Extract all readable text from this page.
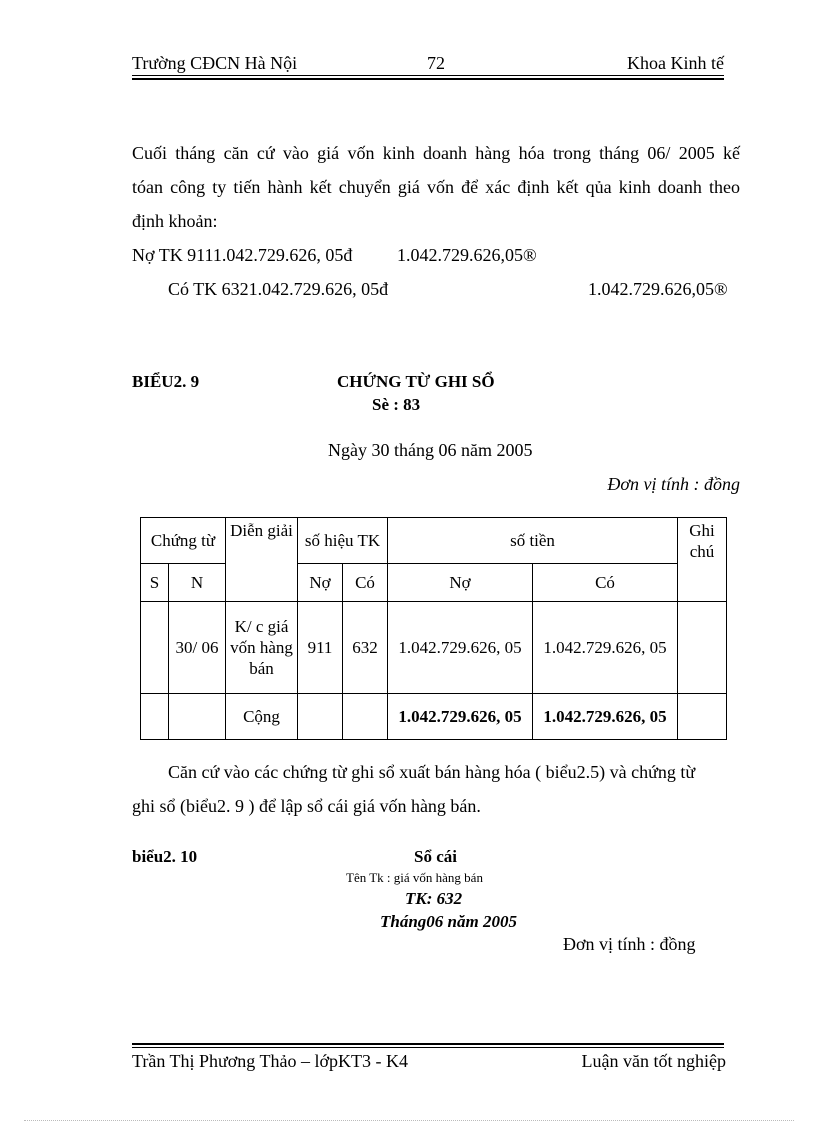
Trường CĐCN Hà Nội	72	Khoa Kinh tế
Cuối tháng căn cứ vào giá vốn kinh doanh hàng hóa trong tháng 06/ 2005 kế
tóan công ty tiến hành kết chuyển giá vốn để xác định kết qủa kinh doanh theo
định khoản:
Nợ TK 9111.042.729.626, 05đ 1.042.729.626,05®
Có TK 6321.042.729.626, 05đ	1.042.729.626,05®
BIỂU2. 9	CHỨNG TỪ GHI SỔ
Sè : 83
Ngày 30 tháng 06 năm 2005
Đơn vị tính : đồng
Chứng từ		Diễn giải	số hiệu TK		số tiền		Ghi chú
S	N		Nợ	Có	Nợ	Có	
	30/ 06	K/ c giá vốn hàng bán	911	632	1.042.729.626, 05	1.042.729.626, 05	
		Cộng			1.042.729.626, 05	1.042.729.626, 05	
Căn cứ vào các chứng từ ghi sổ xuất bán hàng hóa ( biểu2.5) và chứng từ
ghi sổ (biểu2. 9 ) để lập sổ cái giá vốn hàng bán.
biểu2. 10	Sổ cái
Tên Tk : giá vốn hàng bán
TK: 632
Tháng06 năm 2005
Đơn vị tính : đồng
Trần Thị Phương Thảo – lớpKT3 - K4	Luận văn tốt nghiệp
